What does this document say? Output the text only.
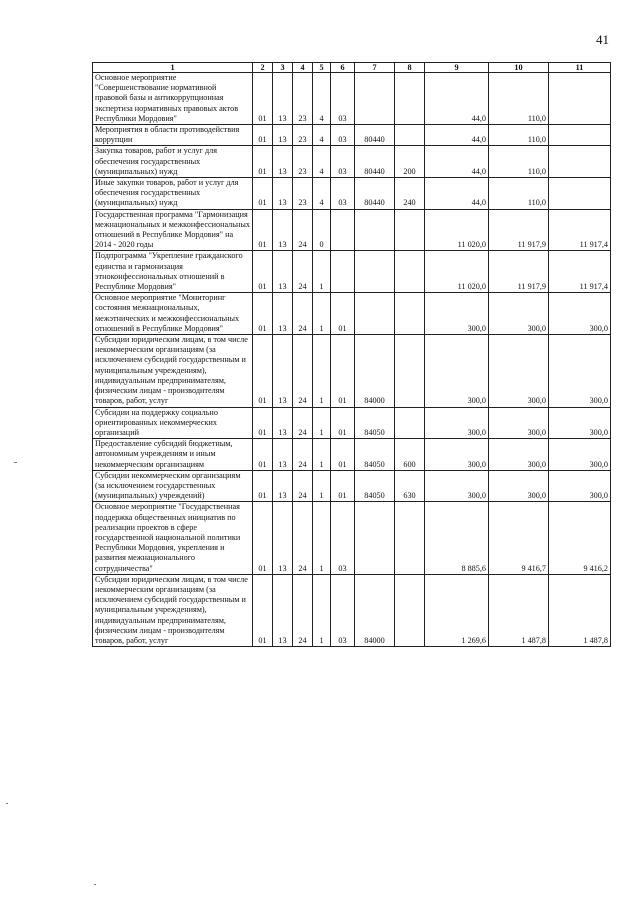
41
1	2	3	4	5	6	7	8	9	10	11
Основное мероприятие "Совершенствование нормативной правовой базы и антикоррупционная экспертиза нормативных правовых актов Республики Мордовия"	01	13	23	4	03			44,0	110,0	
Мероприятия в области противодействия коррупции	01	13	23	4	03	80440		44,0	110,0	
Закупка товаров, работ и услуг для обеспечения государственных (муниципальных) нужд	01	13	23	4	03	80440	200	44,0	110,0	
Иные закупки товаров, работ и услуг для обеспечения государственных (муниципальных) нужд	01	13	23	4	03	80440	240	44,0	110,0	
Государственная программа "Гармонизация межнациональных и межконфессиональных отношений в Республике Мордовия" на 2014 - 2020 годы	01	13	24	0				11 020,0	11 917,9	11 917,4
Подпрограмма "Укрепление гражданского единства и гармонизация этноконфессиональных отношений в Республике Мордовия"	01	13	24	1				11 020,0	11 917,9	11 917,4
Основное мероприятие "Мониторинг состояния межнациональных, межэтнических и межконфессиональных отношений в Республике Мордовия"	01	13	24	1	01			300,0	300,0	300,0
Субсидии юридическим лицам, в том числе некоммерческим организациям (за исключением субсидий государственным и муниципальным учреждениям), индивидуальным предпринимателям, физическим лицам - производителям товаров, работ, услуг	01	13	24	1	01	84000		300,0	300,0	300,0
Субсидии на поддержку социально ориентированных некоммерческих организаций	01	13	24	1	01	84050		300,0	300,0	300,0
Предоставление субсидий бюджетным, автономным учреждениям и иным некоммерческим организациям	01	13	24	1	01	84050	600	300,0	300,0	300,0
Субсидии некоммерческим организациям (за исключением государственных (муниципальных) учреждений)	01	13	24	1	01	84050	630	300,0	300,0	300,0
Основное мероприятие "Государственная поддержка общественных инициатив по реализации проектов в сфере государственной национальной политики Республики Мордовия, укрепления и развития межнационального сотрудничества"	01	13	24	1	03			8 885,6	9 416,7	9 416,2
Субсидии юридическим лицам, в том числе некоммерческим организациям (за исключением субсидий государственным и муниципальным учреждениям), индивидуальным предпринимателям, физическим лицам - производителям товаров, работ, услуг	01	13	24	1	03	84000		1 269,6	1 487,8	1 487,8
